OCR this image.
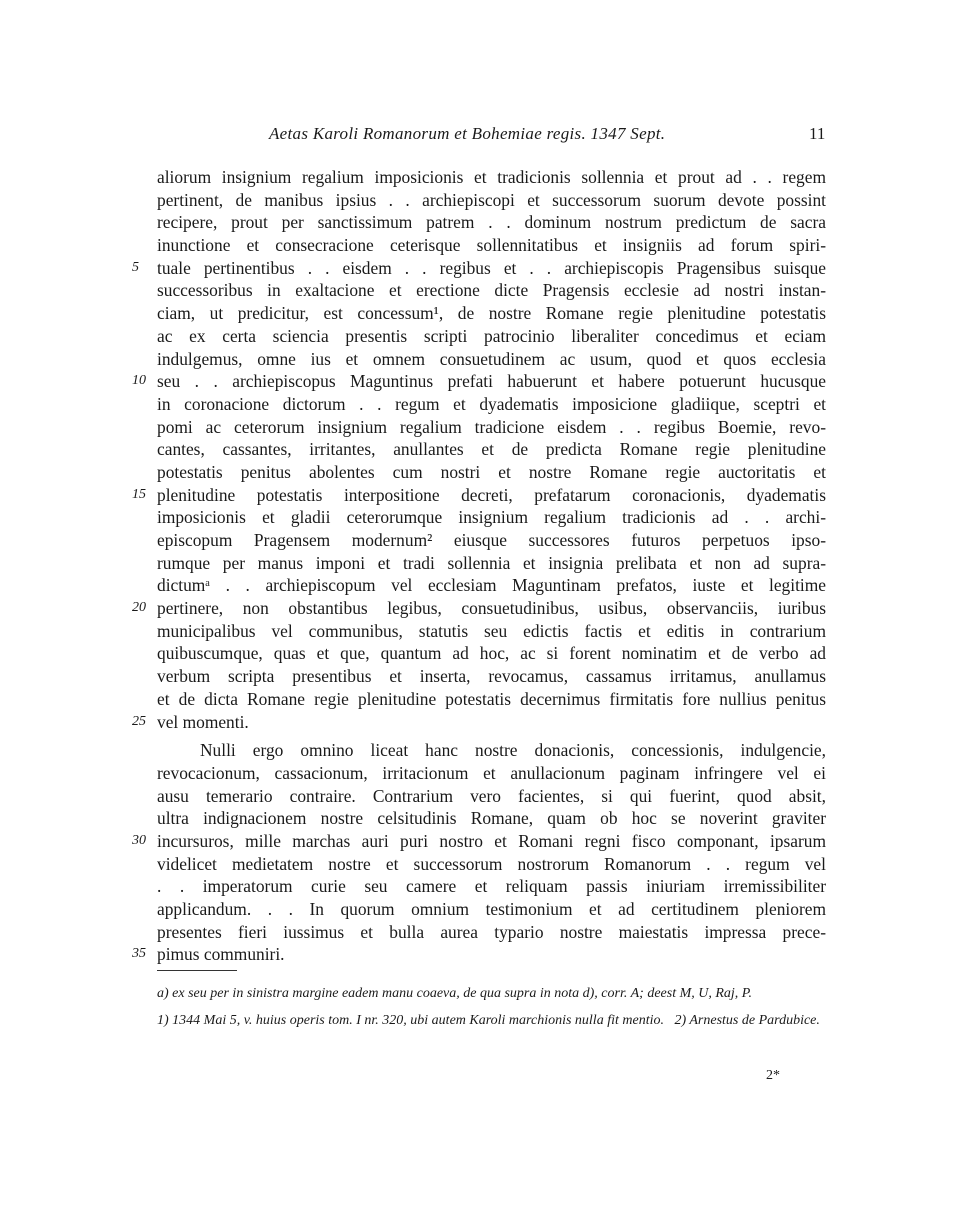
Aetas Karoli Romanorum et Bohemiae regis. 1347 Sept.	11
aliorum insignium regalium imposicionis et tradicionis sollennia et prout ad . . regem
pertinent, de manibus ipsius . . archiepiscopi et successorum suorum devote possint
recipere, prout per sanctissimum patrem . . dominum nostrum predictum de sacra
inunctione et consecracione ceterisque sollennitatibus et insigniis ad forum spiri-
5	tuale pertinentibus . . eisdem . . regibus et . . archiepiscopis Pragensibus suisque
successoribus in exaltacione et erectione dicte Pragensis ecclesie ad nostri instan-
ciam, ut predicitur, est concessum¹, de nostre Romane regie plenitudine potestatis
ac ex certa sciencia presentis scripti patrocinio liberaliter concedimus et eciam
indulgemus, omne ius et omnem consuetudinem ac usum, quod et quos ecclesia
10 seu . . archiepiscopus Maguntinus prefati habuerunt et habere potuerunt hucusque
in coronacione dictorum . . regum et dyadematis imposicione gladiique, sceptri et
pomi ac ceterorum insignium regalium tradicione eisdem . . regibus Boemie, revo-
cantes, cassantes, irritantes, anullantes et de predicta Romane regie plenitudine
potestatis penitus abolentes cum nostri et nostre Romane regie auctoritatis et
15 plenitudine potestatis interpositione decreti, prefatarum coronacionis, dyadematis
imposicionis et gladii ceterorumque insignium regalium tradicionis ad . . archi-
episcopum Pragensem modernum² eiusque successores futuros perpetuos ipso-
rumque per manus imponi et tradi sollennia et insignia prelibata et non ad supra-
dictumᵃ . . archiepiscopum vel ecclesiam Maguntinam prefatos, iuste et legitime
20 pertinere, non obstantibus legibus, consuetudinibus, usibus, observanciis, iuribus
municipalibus vel communibus, statutis seu edictis factis et editis in contrarium
quibuscumque, quas et que, quantum ad hoc, ac si forent nominatim et de verbo ad
verbum scripta presentibus et inserta, revocamus, cassamus irritamus, anullamus
et de dicta Romane regie plenitudine potestatis decernimus firmitatis fore nullius penitus
25 vel momenti.
Nulli ergo omnino liceat hanc nostre donacionis, concessionis, indulgencie,
revocacionum, cassacionum, irritacionum et anullacionum paginam infringere vel ei
ausu temerario contraire. Contrarium vero facientes, si qui fuerint, quod absit,
ultra indignacionem nostre celsitudinis Romane, quam ob hoc se noverint graviter
30 incursuros, mille marchas auri puri nostro et Romani regni fisco componant, ipsarum
videlicet medietatem nostre et successorum nostrorum Romanorum . . regum vel
. . imperatorum curie seu camere et reliquam passis iniuriam irremissibiliter
applicandum. . . In quorum omnium testimonium et ad certitudinem pleniorem
presentes fieri iussimus et bulla aurea typario nostre maiestatis impressa prece-
35 pimus communiri.
a) ex seu per in sinistra margine eadem manu coaeva, de qua supra in nota d), corr. A; deest M, U, Raj, P.
1) 1344 Mai 5, v. huius operis tom. I nr. 320, ubi autem Karoli marchionis nulla fit mentio. 2) Arnestus de Pardubice.
2*
